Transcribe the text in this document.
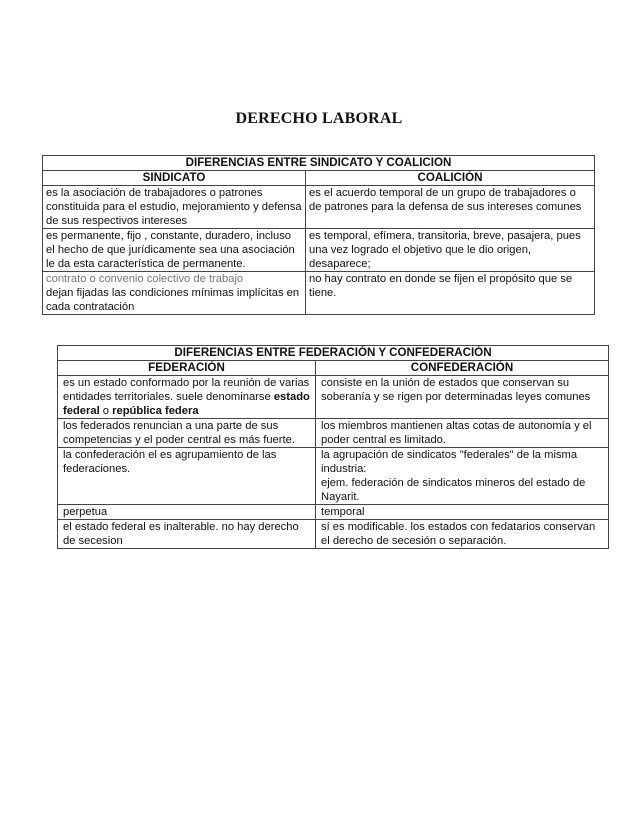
DERECHO LABORAL
DIFERENCIAS ENTRE SINDICATO Y COALICION	
SINDICATO	COALICIÓN
es la asociación de trabajadores o patrones constituida para el estudio, mejoramiento y defensa de sus respectivos intereses	es el acuerdo temporal de un grupo de trabajadores o de patrones para la defensa de sus intereses comunes
es permanente, fijo , constante, duradero, incluso el hecho de que jurídicamente sea una asociación le da esta característica de permanente.	es temporal, efímera, transitoria, breve, pasajera, pues una vez logrado el objetivo que le dio origen, desaparece;
contrato o convenio colectivo de trabajo
dejan fijadas las condiciones mínimas implícitas en cada contratación	no hay contrato en donde se fijen el propósito que se tiene.
DIFERENCIAS ENTRE FEDERACIÓN Y CONFEDERACIÓN	
FEDERACIÓN	CONFEDERACIÓN
es un estado conformado por la reunión de varias entidades territoriales. suele denominarse estado federal o república federa	consiste en la unión de estados que conservan su soberanía y se rigen por determinadas leyes comunes
los federados renuncian a una parte de sus competencias y el poder central es más fuerte.	los miembros mantienen altas cotas de autonomía y el poder central es limitado.
la confederación el es agrupamiento de las federaciones.	la agrupación de sindicatos "federales" de la misma industria:
ejem. federación de sindicatos mineros del estado de Nayarit.
perpetua	temporal
el estado federal es inalterable. no hay derecho de secesion	sí es modificable. los estados con fedatarios conservan el derecho de secesión o separación.
